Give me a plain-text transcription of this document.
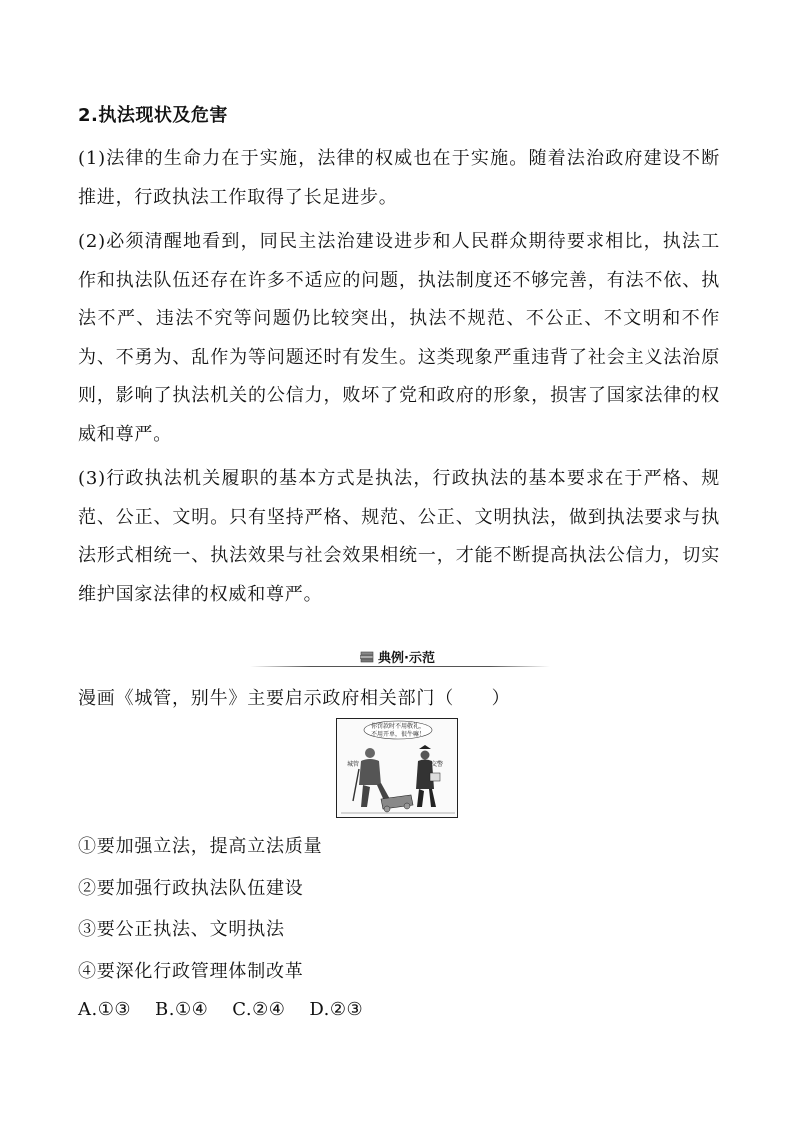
2.执法现状及危害

(1)法律的生命力在于实施，法律的权威也在于实施。随着法治政府建设不断推进，行政执法工作取得了长足进步。

(2)必须清醒地看到，同民主法治建设进步和人民群众期待要求相比，执法工作和执法队伍还存在许多不适应的问题，执法制度还不够完善，有法不依、执法不严、违法不究等问题仍比较突出，执法不规范、不公正、不文明和不作为、不勇为、乱作为等问题还时有发生。这类现象严重违背了社会主义法治原则，影响了执法机关的公信力，败坏了党和政府的形象，损害了国家法律的权威和尊严。

(3)行政执法机关履职的基本方式是执法，行政执法的基本要求在于严格、规范、公正、文明。只有坚持严格、规范、公正、文明执法，做到执法要求与执法形式相统一、执法效果与社会效果相统一，才能不断提高执法公信力，切实维护国家法律的权威和尊严。

典例·示范
漫画《城管，别牛》主要启示政府相关部门（　　）
你罚款时不用敬礼，
不用开单，很牛嘛！
城管	交警
①要加强立法，提高立法质量
②要加强行政执法队伍建设
③要公正执法、文明执法
④要深化行政管理体制改革
A.①③ B.①④ C.②④ D.②③
